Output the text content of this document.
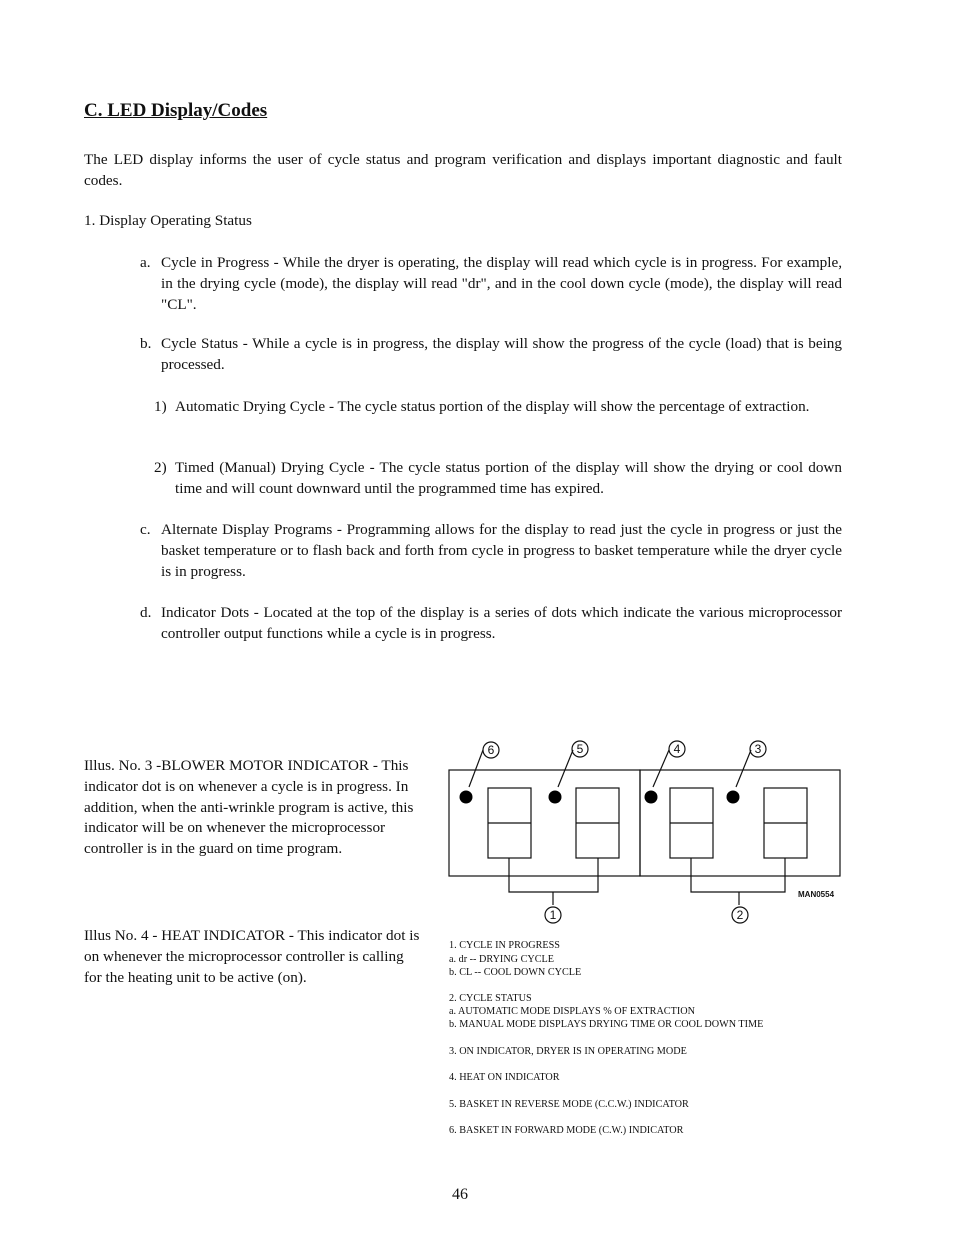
C. LED Display/Codes

The LED display informs the user of cycle status and program verification and displays important diagnostic and fault codes.

1. Display Operating Status

a. Cycle in Progress - While the dryer is operating, the display will read which cycle is in progress. For example, in the drying cycle (mode), the display will read "dr", and in the cool down cycle (mode), the display will read "CL".
b. Cycle Status - While a cycle is in progress, the display will show the progress of the cycle (load) that is being processed.
1) Automatic Drying Cycle - The cycle status portion of the display will show the percentage of extraction.
2) Timed (Manual) Drying Cycle - The cycle status portion of the display will show the drying or cool down time and will count downward until the programmed time has expired.
c. Alternate Display Programs - Programming allows for the display to read just the cycle in progress or just the basket temperature or to flash back and forth from cycle in progress to basket temperature while the dryer cycle is in progress.
d. Indicator Dots - Located at the top of the display is a series of dots which indicate the various microprocessor controller output functions while a cycle is in progress.
Illus. No. 3 -BLOWER MOTOR INDICATOR - This indicator dot is on whenever a cycle is in progress. In addition, when the anti-wrinkle program is active, this indicator will be on whenever the microprocessor controller is in the guard on time program.
Illus No. 4 - HEAT INDICATOR - This indicator dot is on whenever the microprocessor controller is calling for the heating unit to be active (on).
6	5	4	3
1	2
MAN0554
1. CYCLE IN PROGRESS
a. dr -- DRYING CYCLE
b. CL -- COOL DOWN CYCLE
2. CYCLE STATUS
a. AUTOMATIC MODE DISPLAYS % OF EXTRACTION
b. MANUAL MODE DISPLAYS DRYING TIME OR COOL DOWN TIME
3. ON INDICATOR, DRYER IS IN OPERATING MODE
4. HEAT ON INDICATOR
5. BASKET IN REVERSE MODE (C.C.W.) INDICATOR
6. BASKET IN FORWARD MODE (C.W.) INDICATOR
46
